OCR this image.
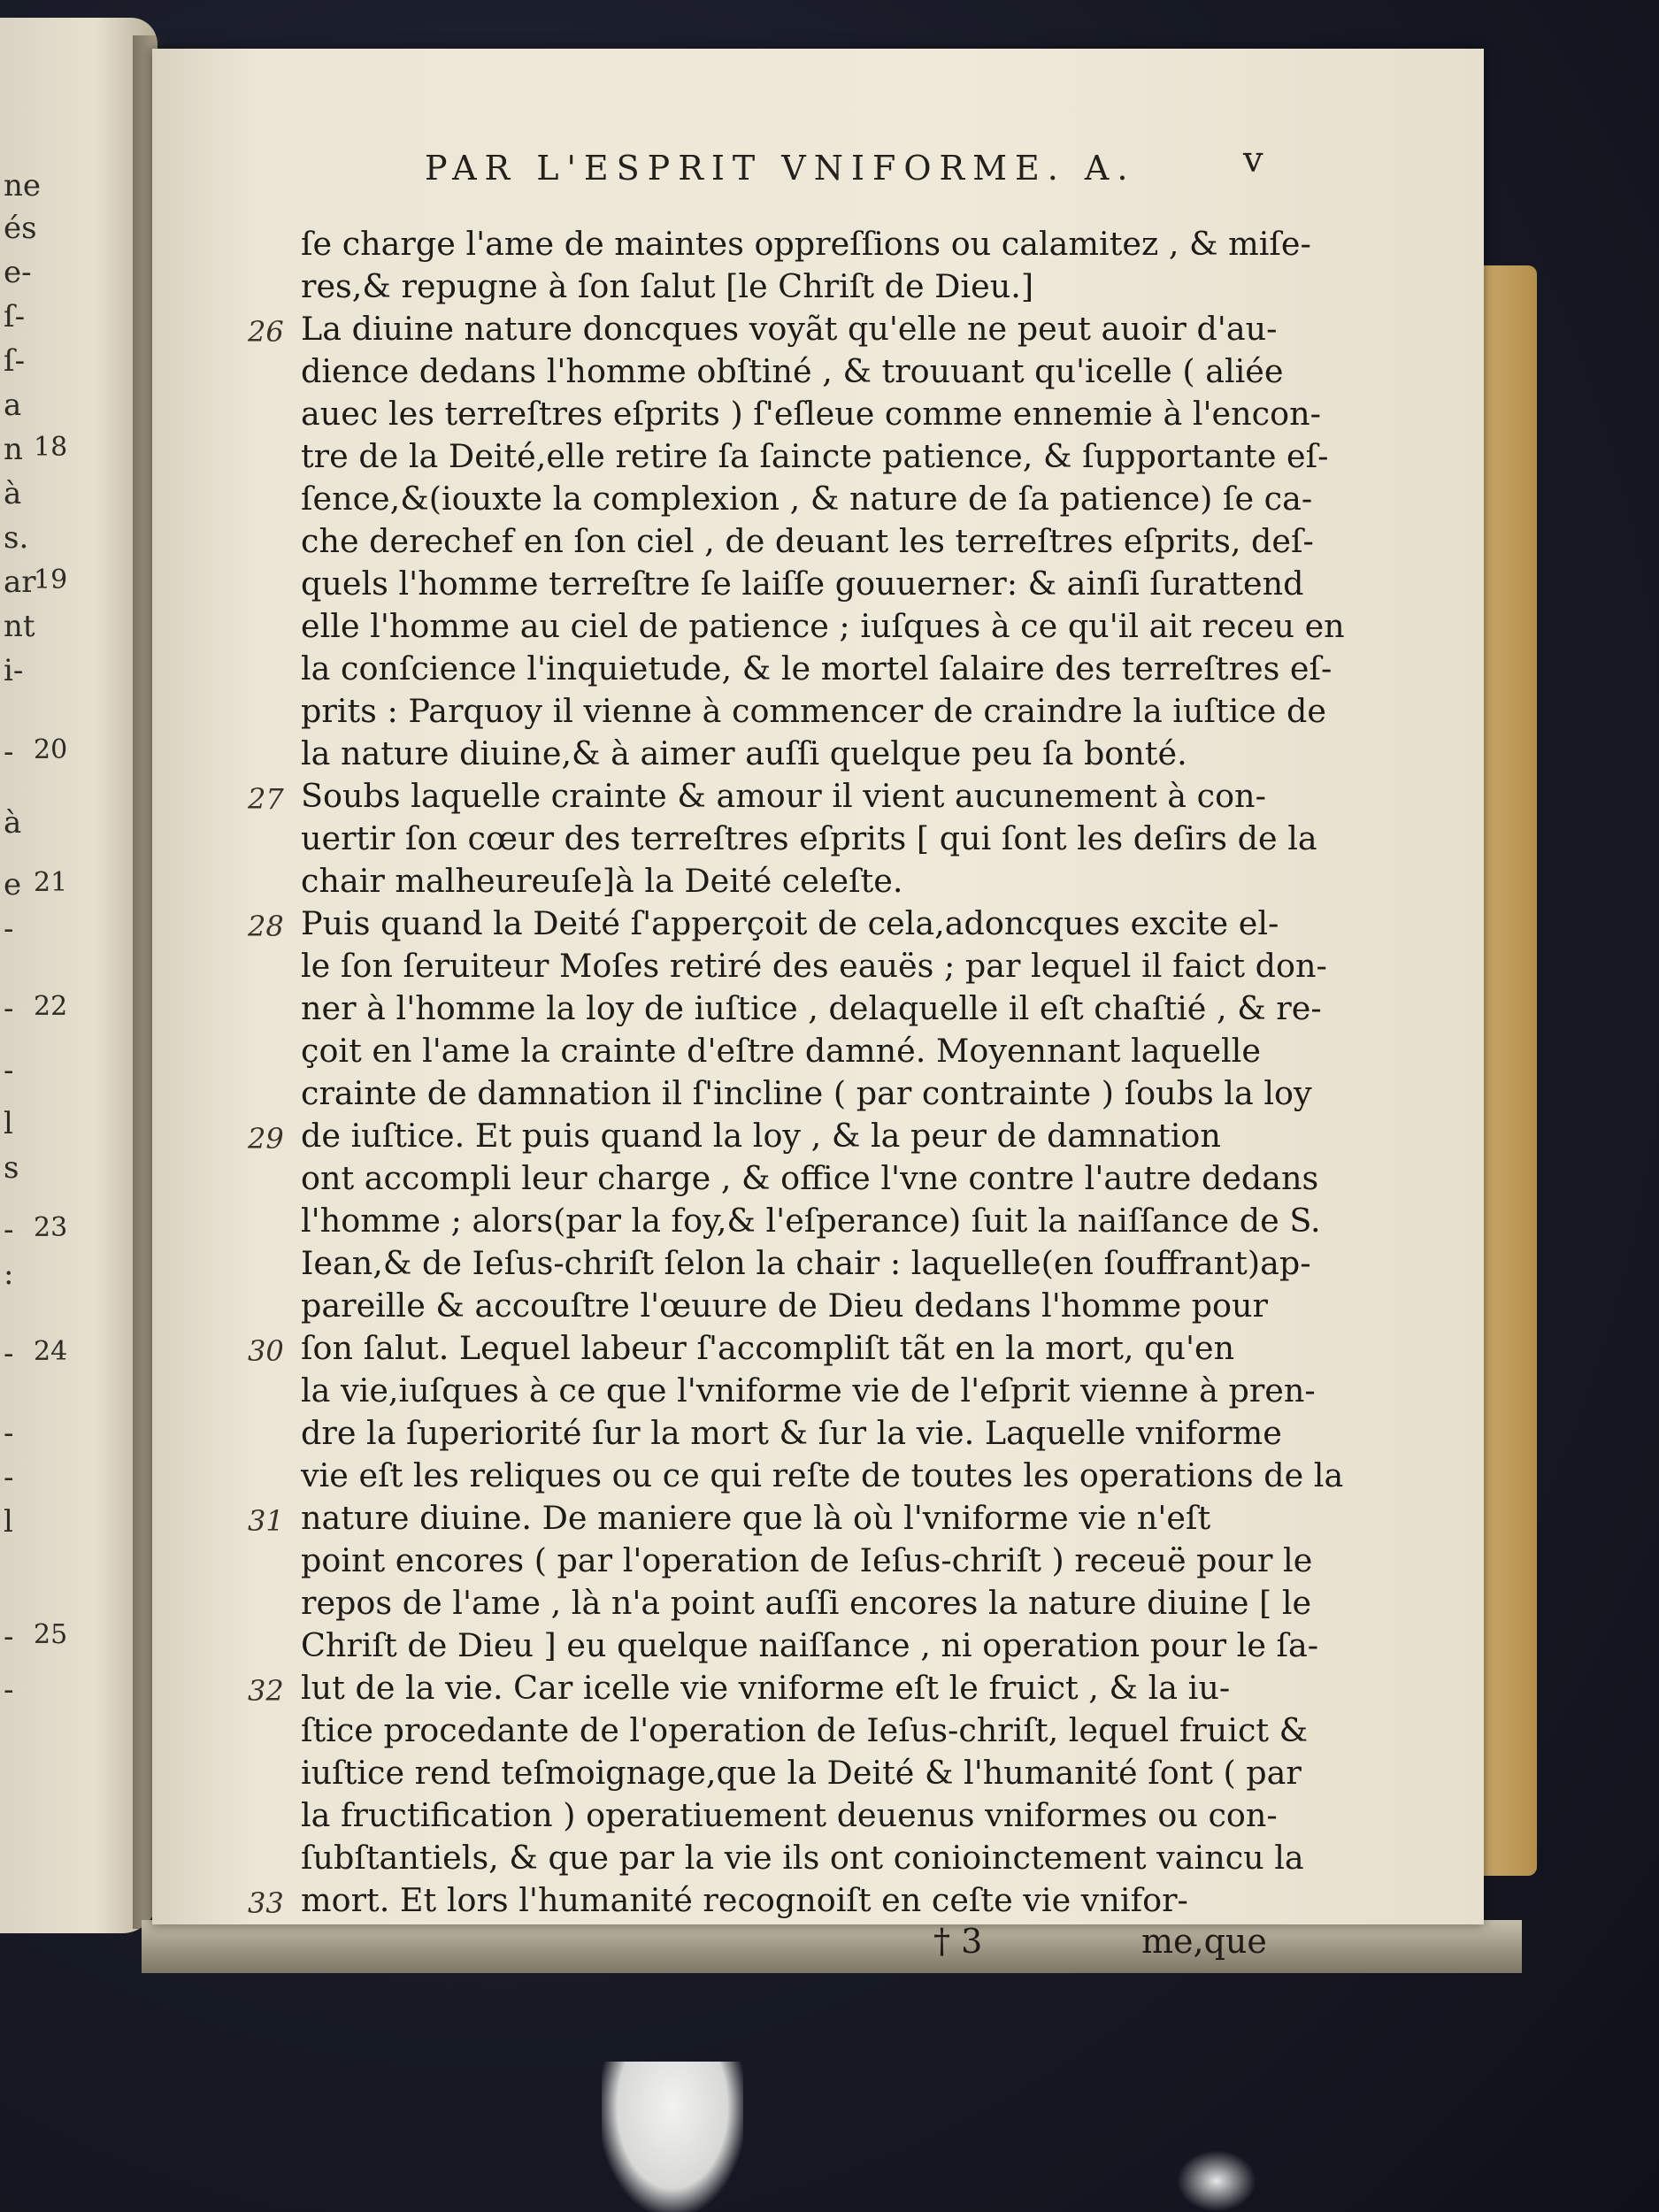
ne
és
e-
ſ-
ſ-
a
n 18
à
s.
ar
19
nt
i-
- 20
à
e 21
-
- 22
-
l
s
- 23
:
- 24
-
-
l
- 25
-
PAR L'ESPRIT VNIFORME. A.	v
ſe charge l'ame de maintes oppreſſions ou calamitez , & miſe-
res,& repugne à ſon ſalut [le Chriſt de Dieu.]
La diuine nature doncques voyãt qu'elle ne peut auoir d'au-
dience dedans l'homme obſtiné , & trouuant qu'icelle ( aliée
auec les terreſtres eſprits ) ſ'eſleue comme ennemie à l'encon-
tre de la Deité,elle retire ſa ſaincte patience, & ſupportante eſ-
ſence,&(iouxte la complexion , & nature de ſa patience) ſe ca-
che derechef en ſon ciel , de deuant les terreſtres eſprits, deſ-
quels l'homme terreſtre ſe laiſſe gouuerner: & ainſi ſurattend
elle l'homme au ciel de patience ; iuſques à ce qu'il ait receu en
la conſcience l'inquietude, & le mortel ſalaire des terreſtres eſ-
prits : Parquoy il vienne à commencer de craindre la iuſtice de
la nature diuine,& à aimer auſſi quelque peu ſa bonté.
Soubs laquelle crainte & amour il vient aucunement à con-
uertir ſon cœur des terreſtres eſprits [ qui ſont les deſirs de la
chair malheureuſe]à la Deité celeſte.
Puis quand la Deité ſ'apperçoit de cela,adoncques excite el-
le ſon ſeruiteur Moſes retiré des eauës ; par lequel il faict don-
ner à l'homme la loy de iuſtice , delaquelle il eſt chaſtié , & re-
çoit en l'ame la crainte d'eſtre damné. Moyennant laquelle
crainte de damnation il ſ'incline ( par contrainte ) ſoubs la loy
de iuſtice. Et puis quand la loy , & la peur de damnation
ont accompli leur charge , & office l'vne contre l'autre dedans
l'homme ; alors(par la foy,& l'eſperance) ſuit la naiſſance de S.
Iean,& de Ieſus-chriſt ſelon la chair : laquelle(en ſouffrant)ap-
pareille & accouſtre l'œuure de Dieu dedans l'homme pour
ſon ſalut. Lequel labeur ſ'accompliſt tãt en la mort, qu'en
la vie,iuſques à ce que l'vniforme vie de l'eſprit vienne à pren-
dre la ſuperiorité ſur la mort & ſur la vie. Laquelle vniforme
vie eſt les reliques ou ce qui reſte de toutes les operations de la
nature diuine. De maniere que là où l'vniforme vie n'eſt
point encores ( par l'operation de Ieſus-chriſt ) receuë pour le
repos de l'ame , là n'a point auſſi encores la nature diuine [ le
Chriſt de Dieu ] eu quelque naiſſance , ni operation pour le ſa-
lut de la vie. Car icelle vie vniforme eſt le fruict , & la iu-
ſtice procedante de l'operation de Ieſus-chriſt, lequel fruict &
iuſtice rend teſmoignage,que la Deité & l'humanité ſont ( par
la fructification ) operatiuement deuenus vniformes ou con-
ſubſtantiels, & que par la vie ils ont conioinctement vaincu la
mort. Et lors l'humanité recognoiſt en ceſte vie vnifor-
26
27
28
29
30
31
32
33
† 3	me,que
